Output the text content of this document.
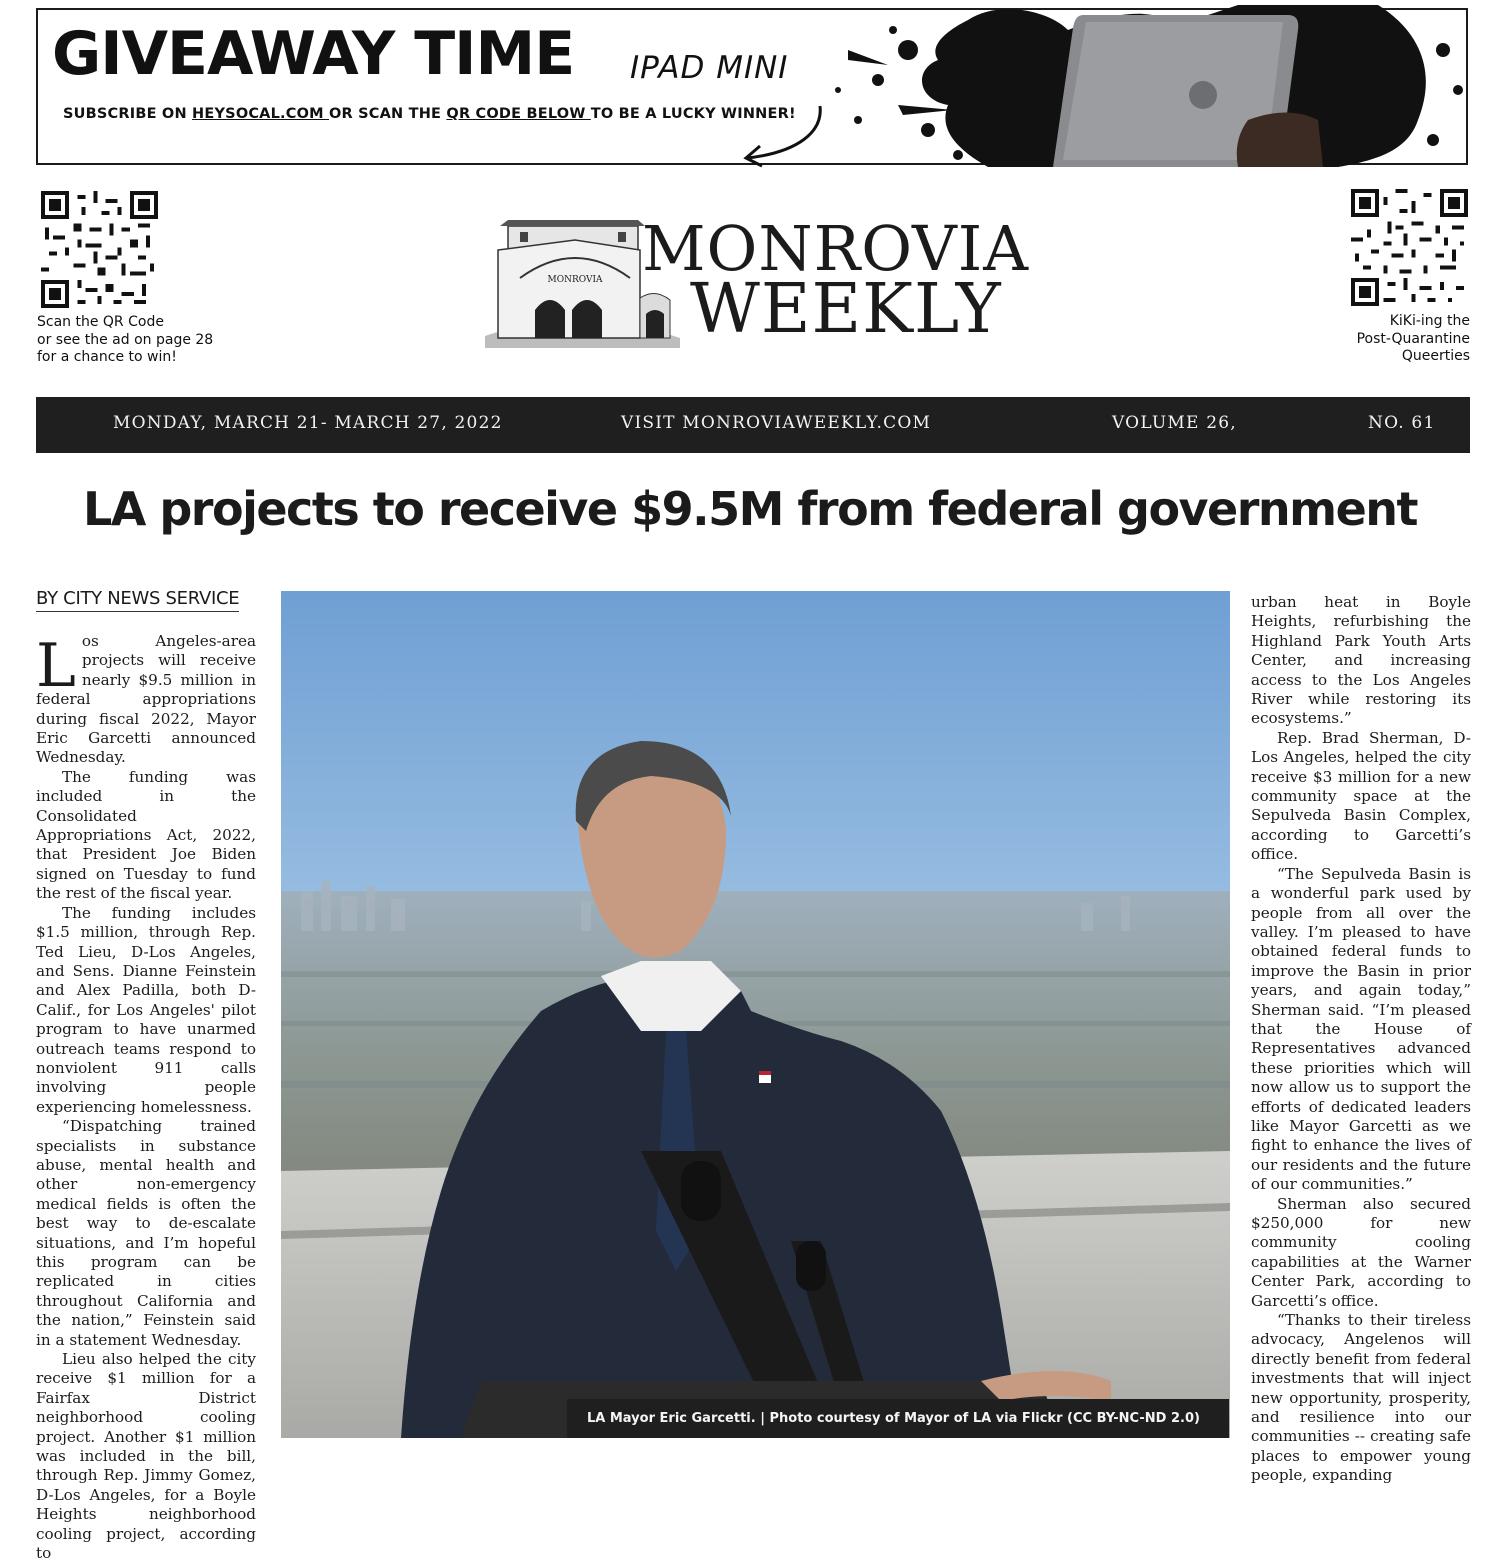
GIVEAWAY TIME IPAD MINI
SUBSCRIBE ON HEYSOCAL.COM OR SCAN THE QR CODE BELOW TO BE A LUCKY WINNER!
Scan the QR Code
or see the ad on page 28
for a chance to win!
KiKi-ing the
Post-Quarantine
Queerties
MONROVIA MONROVIA
WEEKLY
MONDAY, MARCH 21- MARCH 27, 2022	VISIT MONROVIAWEEKLY.COM	VOLUME 26,	NO. 61
LA projects to receive $9.5M from federal government
BY CITY NEWS SERVICE

Los Angeles-area projects will receive nearly $9.5 million in federal appropriations during fiscal 2022, Mayor Eric Garcetti announced Wednesday.

The funding was included in the Consolidated Appropriations Act, 2022, that President Joe Biden signed on Tuesday to fund the rest of the fiscal year.

The funding includes $1.5 million, through Rep. Ted Lieu, D-Los Angeles, and Sens. Dianne Feinstein and Alex Padilla, both D-Calif., for Los Angeles' pilot program to have unarmed outreach teams respond to nonviolent 911 calls involving people experiencing homelessness.

“Dispatching trained specialists in substance abuse, mental health and other non-emergency medical fields is often the best way to de-escalate situations, and I’m hopeful this program can be replicated in cities throughout California and the nation,” Feinstein said in a statement Wednesday.

Lieu also helped the city receive $1 million for a Fairfax District neighborhood cooling project. Another $1 million was included in the bill, through Rep. Jimmy Gomez, D-Los Angeles, for a Boyle Heights neighborhood cooling project, according to

LA Mayor Eric Garcetti. | Photo courtesy of Mayor of LA via Flickr (CC BY-NC-ND 2.0)

urban heat in Boyle Heights, refurbishing the Highland Park Youth Arts Center, and increasing access to the Los Angeles River while restoring its ecosystems.”

Rep. Brad Sherman, D-Los Angeles, helped the city receive $3 million for a new community space at the Sepulveda Basin Complex, according to Garcetti’s office.

“The Sepulveda Basin is a wonderful park used by people from all over the valley. I’m pleased to have obtained federal funds to improve the Basin in prior years, and again today,” Sherman said. “I’m pleased that the House of Representatives advanced these priorities which will now allow us to support the efforts of dedicated leaders like Mayor Garcetti as we fight to enhance the lives of our residents and the future of our communities.”

Sherman also secured $250,000 for new community cooling capabilities at the Warner Center Park, according to Garcetti’s office.

“Thanks to their tireless advocacy, Angelenos will directly benefit from federal investments that will inject new opportunity, prosperity, and resilience into our communities -- creating safe places to empower young people, expanding
